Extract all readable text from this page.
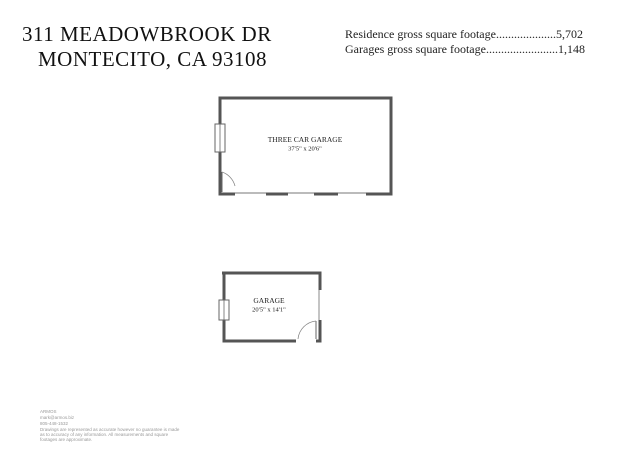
311 MEADOWBROOK DR
MONTECITO, CA 93108
Residence gross square footage....................5,702
Garages gross square footage........................1,148
THREE CAR GARAGE
37'5" x 20'6"
GARAGE
20'5" x 14'1"
ARMOS
mark@armos.biz
805-448-1532
Drawings are represented as accurate however no guarantee is made
as to accuracy of any information. All measurements and square
footages are approximate.
